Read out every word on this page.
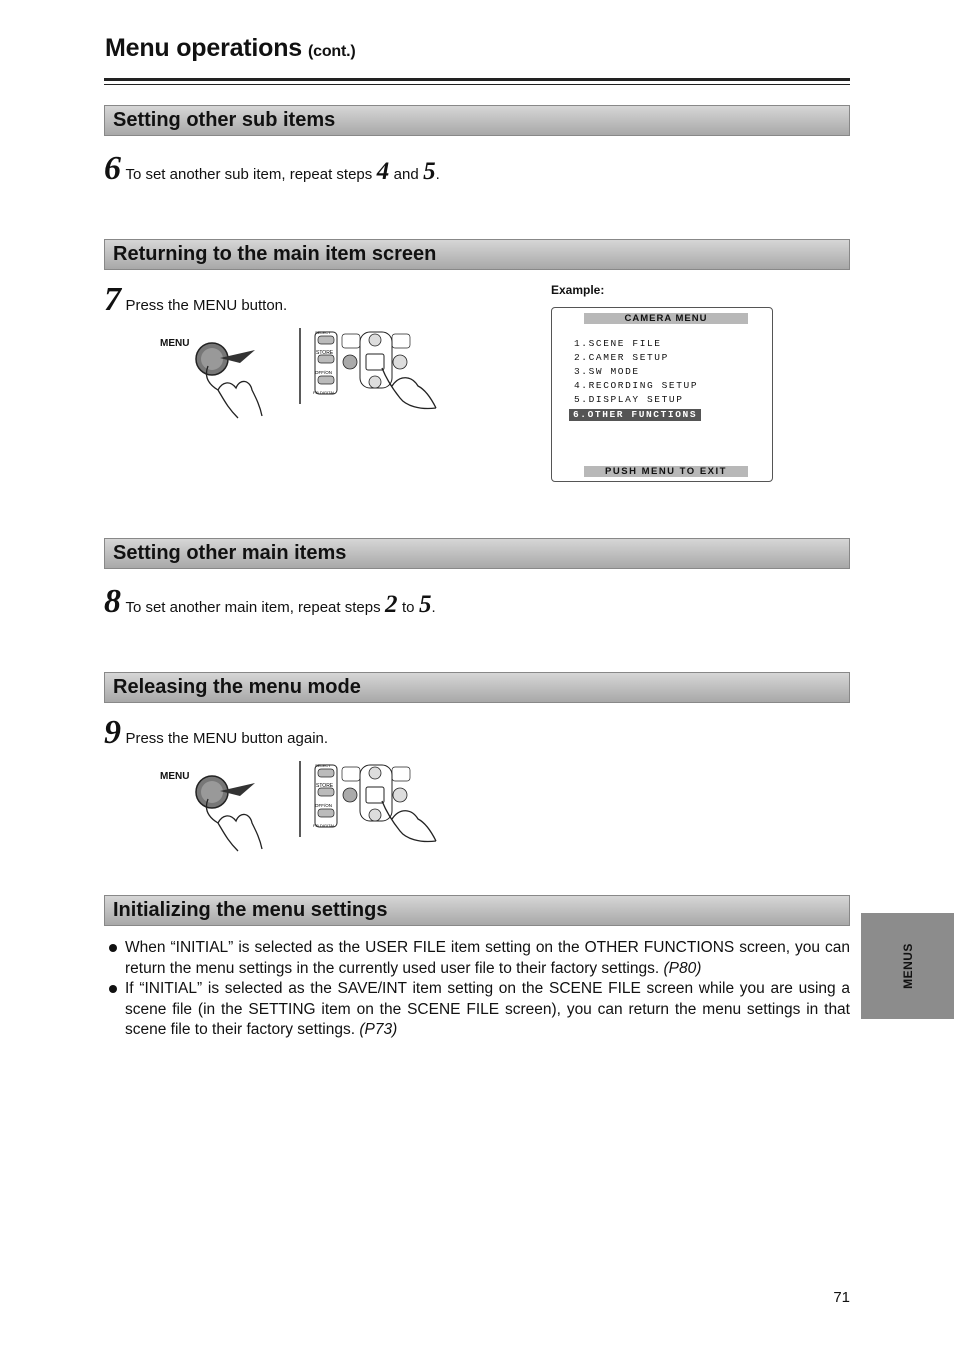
Menu operations (cont.)
Setting other sub items
6 To set another sub item, repeat steps 4 and 5.
Returning to the main item screen
7 Press the MENU button.
MENU
SELECT
STORE
OFF/ON
F.B.DIGITAL
Example:
CAMERA MENU
1.SCENE FILE
2.CAMER SETUP
3.SW MODE
4.RECORDING SETUP
5.DISPLAY SETUP
6.OTHER FUNCTIONS
PUSH MENU TO EXIT
Setting other main items
8 To set another main item, repeat steps 2 to 5.
Releasing the menu mode
9 Press the MENU button again.
MENU
SELECT
STORE
OFF/ON
F.B.DIGITAL
Initializing the menu settings
When “INITIAL” is selected as the USER FILE item setting on the OTHER FUNCTIONS screen, you can return the menu settings in the currently used user file to their factory settings. (P80)
If “INITIAL” is selected as the SAVE/INT item setting on the SCENE FILE screen while you are using a scene file (in the SETTING item on the SCENE FILE screen), you can return the menu settings in that scene file to their factory settings. (P73)
MENUS
71
